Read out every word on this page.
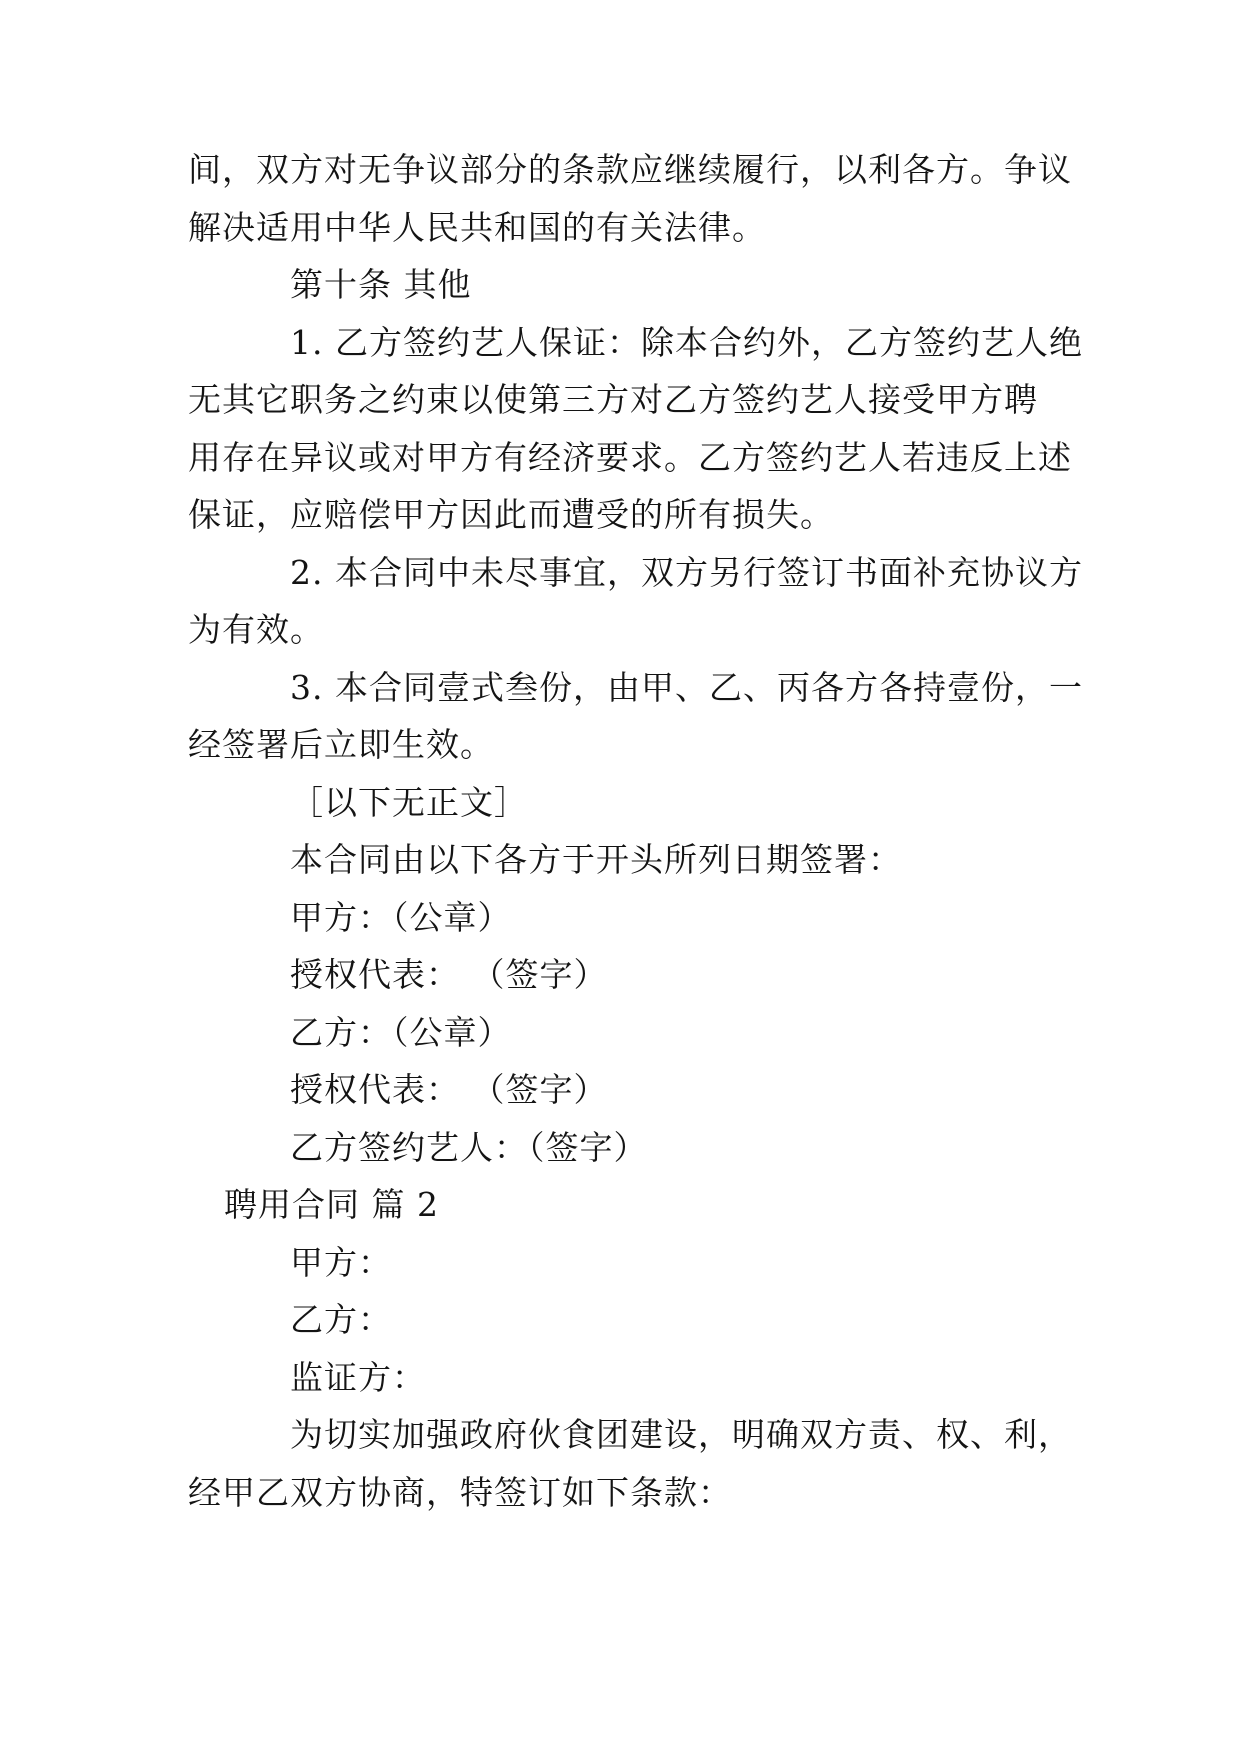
间，双方对无争议部分的条款应继续履行，以利各方。争议
解决适用中华人民共和国的有关法律。
第十条 其他
1. 乙方签约艺人保证：除本合约外，乙方签约艺人绝
无其它职务之约束以使第三方对乙方签约艺人接受甲方聘
用存在异议或对甲方有经济要求。乙方签约艺人若违反上述
保证，应赔偿甲方因此而遭受的所有损失。
2. 本合同中未尽事宜，双方另行签订书面补充协议方
为有效。
3. 本合同壹式叁份，由甲、乙、丙各方各持壹份，一
经签署后立即生效。
［以下无正文］
本合同由以下各方于开头所列日期签署：
甲方：（公章）
授权代表： （签字）
乙方：（公章）
授权代表： （签字）
乙方签约艺人：（签字）
聘用合同 篇 2
甲方：
乙方：
监证方：
为切实加强政府伙食团建设，明确双方责、权、利，
经甲乙双方协商，特签订如下条款：
